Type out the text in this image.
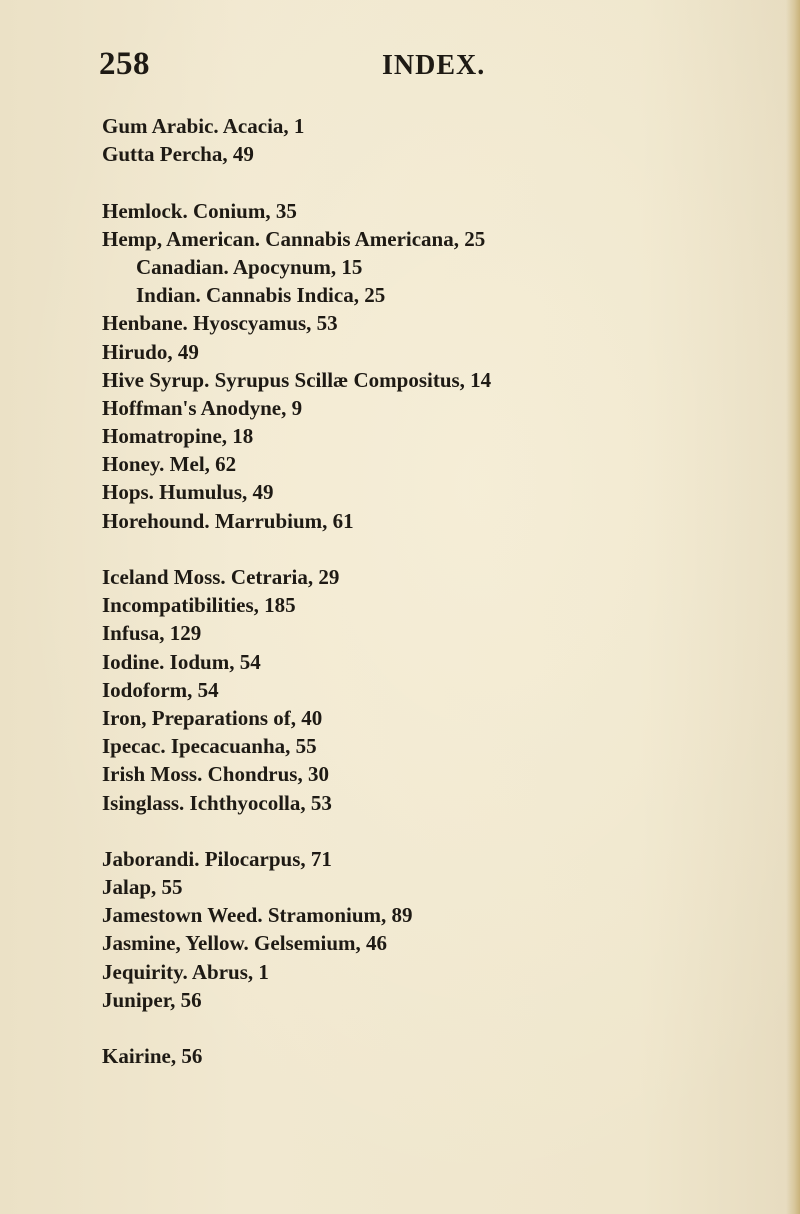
258	INDEX.
Gum Arabic. Acacia, 1
Gutta Percha, 49
Hemlock. Conium, 35
Hemp, American. Cannabis Americana, 25
Canadian. Apocynum, 15
Indian. Cannabis Indica, 25
Henbane. Hyoscyamus, 53
Hirudo, 49
Hive Syrup. Syrupus Scillæ Compositus, 14
Hoffman's Anodyne, 9
Homatropine, 18
Honey. Mel, 62
Hops. Humulus, 49
Horehound. Marrubium, 61
Iceland Moss. Cetraria, 29
Incompatibilities, 185
Infusa, 129
Iodine. Iodum, 54
Iodoform, 54
Iron, Preparations of, 40
Ipecac. Ipecacuanha, 55
Irish Moss. Chondrus, 30
Isinglass. Ichthyocolla, 53
Jaborandi. Pilocarpus, 71
Jalap, 55
Jamestown Weed. Stramonium, 89
Jasmine, Yellow. Gelsemium, 46
Jequirity. Abrus, 1
Juniper, 56
Kairine, 56
